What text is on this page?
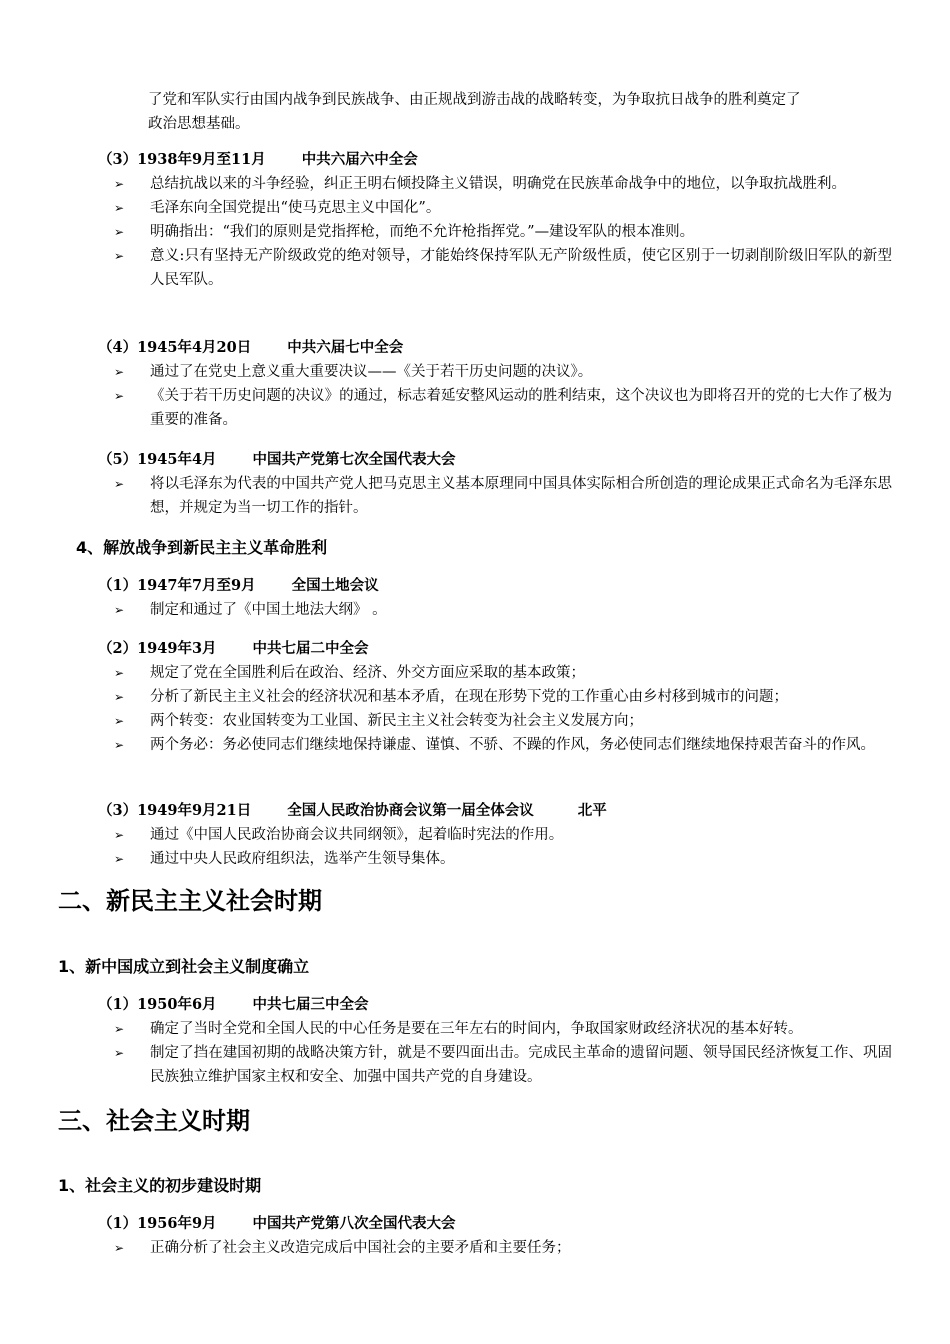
了党和军队实行由国内战争到民族战争、由正规战到游击战的战略转变，为争取抗日战争的胜利奠定了
政治思想基础。
（3）1938年9月至11月 中共六届六中全会
➢ 总结抗战以来的斗争经验，纠正王明右倾投降主义错误，明确党在民族革命战争中的地位，以争取抗战胜利。
➢ 毛泽东向全国党提出“使马克思主义中国化”。
➢ 明确指出：“我们的原则是党指挥枪，而绝不允许枪指挥党。”—建设军队的根本准则。
➢ 意义:只有坚持无产阶级政党的绝对领导，才能始终保持军队无产阶级性质，使它区别于一切剥削阶级旧军队的新型人民军队。
（4）1945年4月20日 中共六届七中全会
➢ 通过了在党史上意义重大重要决议——《关于若干历史问题的决议》。
➢ 《关于若干历史问题的决议》的通过，标志着延安整风运动的胜利结束，这个决议也为即将召开的党的七大作了极为重要的准备。
（5）1945年4月 中国共产党第七次全国代表大会
➢ 将以毛泽东为代表的中国共产党人把马克思主义基本原理同中国具体实际相合所创造的理论成果正式命名为毛泽东思想，并规定为当一切工作的指针。
4、解放战争到新民主主义革命胜利
（1）1947年7月至9月 全国土地会议
➢ 制定和通过了《中国土地法大纲》 。
（2）1949年3月 中共七届二中全会
➢ 规定了党在全国胜利后在政治、经济、外交方面应采取的基本政策；
➢ 分析了新民主主义社会的经济状况和基本矛盾，在现在形势下党的工作重心由乡村移到城市的问题；
➢ 两个转变：农业国转变为工业国、新民主主义社会转变为社会主义发展方向；
➢ 两个务必：务必使同志们继续地保持谦虚、谨慎、不骄、不躁的作风，务必使同志们继续地保持艰苦奋斗的作风。
（3）1949年9月21日 全国人民政治协商会议第一届全体会议	北平
➢ 通过《中国人民政治协商会议共同纲领》，起着临时宪法的作用。
➢ 通过中央人民政府组织法，选举产生领导集体。
二、新民主主义社会时期
1、新中国成立到社会主义制度确立
（1）1950年6月 中共七届三中全会
➢ 确定了当时全党和全国人民的中心任务是要在三年左右的时间内，争取国家财政经济状况的基本好转。
➢ 制定了挡在建国初期的战略决策方针，就是不要四面出击。完成民主革命的遗留问题、领导国民经济恢复工作、巩固民族独立维护国家主权和安全、加强中国共产党的自身建设。
三、社会主义时期
1、社会主义的初步建设时期
（1）1956年9月 中国共产党第八次全国代表大会
➢ 正确分析了社会主义改造完成后中国社会的主要矛盾和主要任务；
